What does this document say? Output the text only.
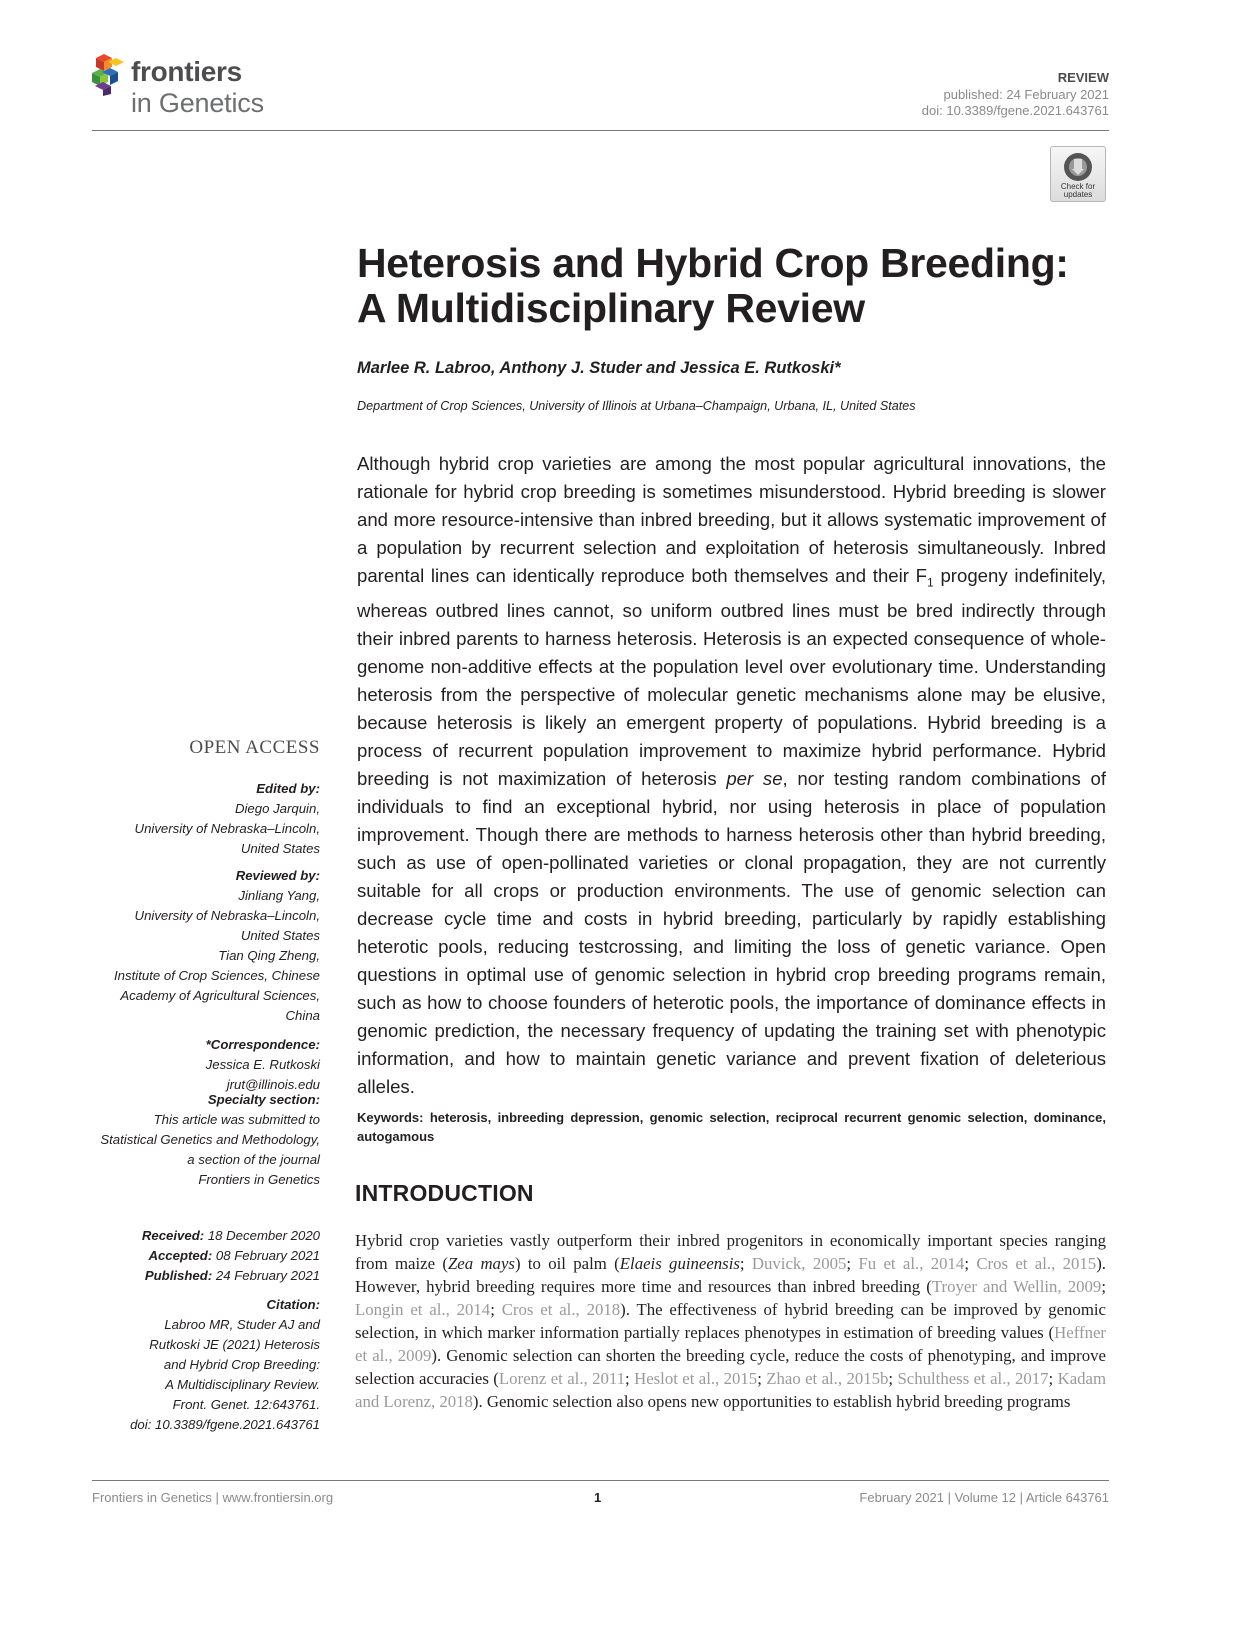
frontiers
in Genetics
REVIEW
published: 24 February 2021
doi: 10.3389/fgene.2021.643761
Check for updates
Heterosis and Hybrid Crop Breeding:
A Multidisciplinary Review
Marlee R. Labroo, Anthony J. Studer and Jessica E. Rutkoski*
Department of Crop Sciences, University of Illinois at Urbana–Champaign, Urbana, IL, United States
Although hybrid crop varieties are among the most popular agricultural innovations, the rationale for hybrid crop breeding is sometimes misunderstood. Hybrid breeding is slower and more resource-intensive than inbred breeding, but it allows systematic improvement of a population by recurrent selection and exploitation of heterosis simultaneously. Inbred parental lines can identically reproduce both themselves and their $F_1$ progeny indefinitely, whereas outbred lines cannot, so uniform outbred lines must be bred indirectly through their inbred parents to harness heterosis. Heterosis is an expected consequence of whole-genome non-additive effects at the population level over evolutionary time. Understanding heterosis from the perspective of molecular genetic mechanisms alone may be elusive, because heterosis is likely an emergent property of populations. Hybrid breeding is a process of recurrent population improvement to maximize hybrid performance. Hybrid breeding is not maximization of heterosis per se, nor testing random combinations of individuals to find an exceptional hybrid, nor using heterosis in place of population improvement. Though there are methods to harness heterosis other than hybrid breeding, such as use of open-pollinated varieties or clonal propagation, they are not currently suitable for all crops or production environments. The use of genomic selection can decrease cycle time and costs in hybrid breeding, particularly by rapidly establishing heterotic pools, reducing testcrossing, and limiting the loss of genetic variance. Open questions in optimal use of genomic selection in hybrid crop breeding programs remain, such as how to choose founders of heterotic pools, the importance of dominance effects in genomic prediction, the necessary frequency of updating the training set with phenotypic information, and how to maintain genetic variance and prevent fixation of deleterious alleles.
Keywords: heterosis, inbreeding depression, genomic selection, reciprocal recurrent genomic selection, dominance, autogamous
INTRODUCTION
Hybrid crop varieties vastly outperform their inbred progenitors in economically important species ranging from maize (Zea mays) to oil palm (Elaeis guineensis; Duvick, 2005; Fu et al., 2014; Cros et al., 2015). However, hybrid breeding requires more time and resources than inbred breeding (Troyer and Wellin, 2009; Longin et al., 2014; Cros et al., 2018). The effectiveness of hybrid breeding can be improved by genomic selection, in which marker information partially replaces phenotypes in estimation of breeding values (Heffner et al., 2009). Genomic selection can shorten the breeding cycle, reduce the costs of phenotyping, and improve selection accuracies (Lorenz et al., 2011; Heslot et al., 2015; Zhao et al., 2015b; Schulthess et al., 2017; Kadam and Lorenz, 2018). Genomic selection also opens new opportunities to establish hybrid breeding programs
OPEN ACCESS
Edited by:
Diego Jarquin,
University of Nebraska–Lincoln,
United States
Reviewed by:
Jinliang Yang,
University of Nebraska–Lincoln,
United States
Tian Qing Zheng,
Institute of Crop Sciences, Chinese
Academy of Agricultural Sciences,
China
*Correspondence:
Jessica E. Rutkoski
jrut@illinois.edu
Specialty section:
This article was submitted to
Statistical Genetics and Methodology,
a section of the journal
Frontiers in Genetics
Received: 18 December 2020
Accepted: 08 February 2021
Published: 24 February 2021
Citation:
Labroo MR, Studer AJ and
Rutkoski JE (2021) Heterosis
and Hybrid Crop Breeding:
A Multidisciplinary Review.
Front. Genet. 12:643761.
doi: 10.3389/fgene.2021.643761
Frontiers in Genetics | www.frontiersin.org	1	February 2021 | Volume 12 | Article 643761
